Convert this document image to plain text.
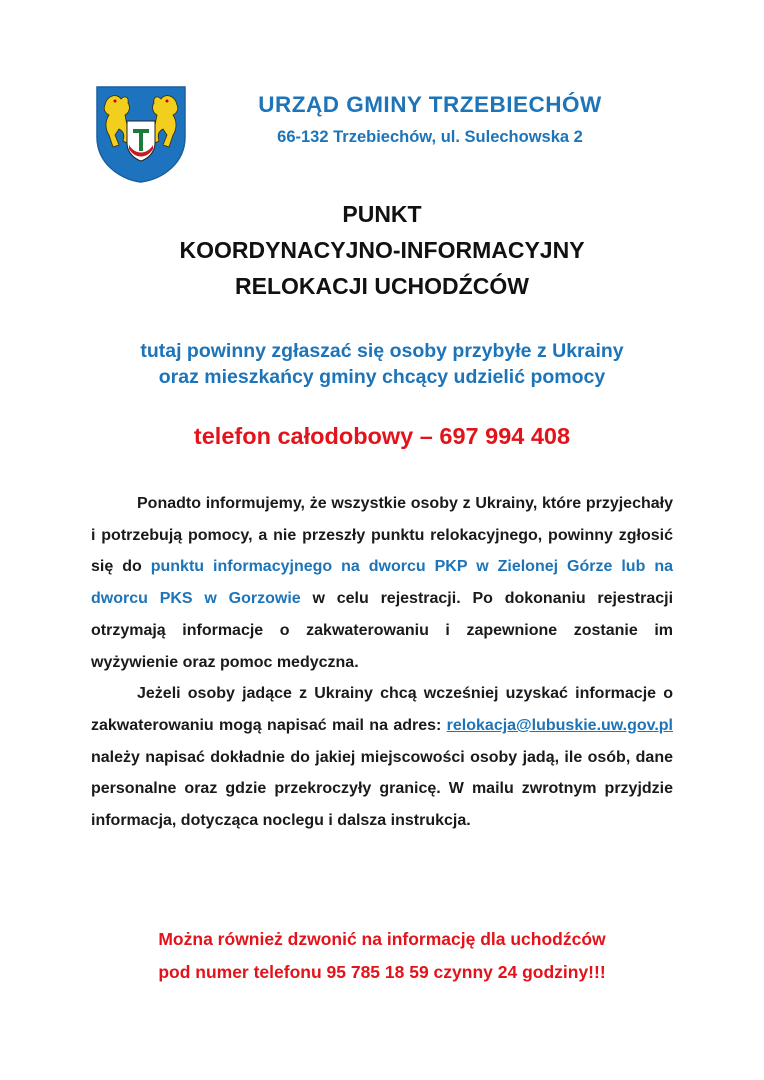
URZĄD GMINY TRZEBIECHÓW
66-132 Trzebiechów, ul. Sulechowska 2
PUNKT
KOORDYNACYJNO-INFORMACYJNY
RELOKACJI UCHODŹCÓW
tutaj powinny zgłaszać się osoby przybyłe z Ukrainy
oraz mieszkańcy gminy chcący udzielić pomocy
telefon całodobowy – 697 994 408

Ponadto informujemy, że wszystkie osoby z Ukrainy, które przyjechały i potrzebują pomocy, a nie przeszły punktu relokacyjnego, powinny zgłosić się do punktu informacyjnego na dworcu PKP w Zielonej Górze lub na dworcu PKS w Gorzowie w celu rejestracji. Po dokonaniu rejestracji otrzymają informacje o zakwaterowaniu i zapewnione zostanie im wyżywienie oraz pomoc medyczna.

Jeżeli osoby jadące z Ukrainy chcą wcześniej uzyskać informacje o zakwaterowaniu mogą napisać mail na adres: relokacja@lubuskie.uw.gov.pl należy napisać dokładnie do jakiej miejscowości osoby jadą, ile osób, dane personalne oraz gdzie przekroczyły granicę. W mailu zwrotnym przyjdzie informacja, dotycząca noclegu i dalsza instrukcja.

Można również dzwonić na informację dla uchodźców
pod numer telefonu 95 785 18 59 czynny 24 godziny!!!
